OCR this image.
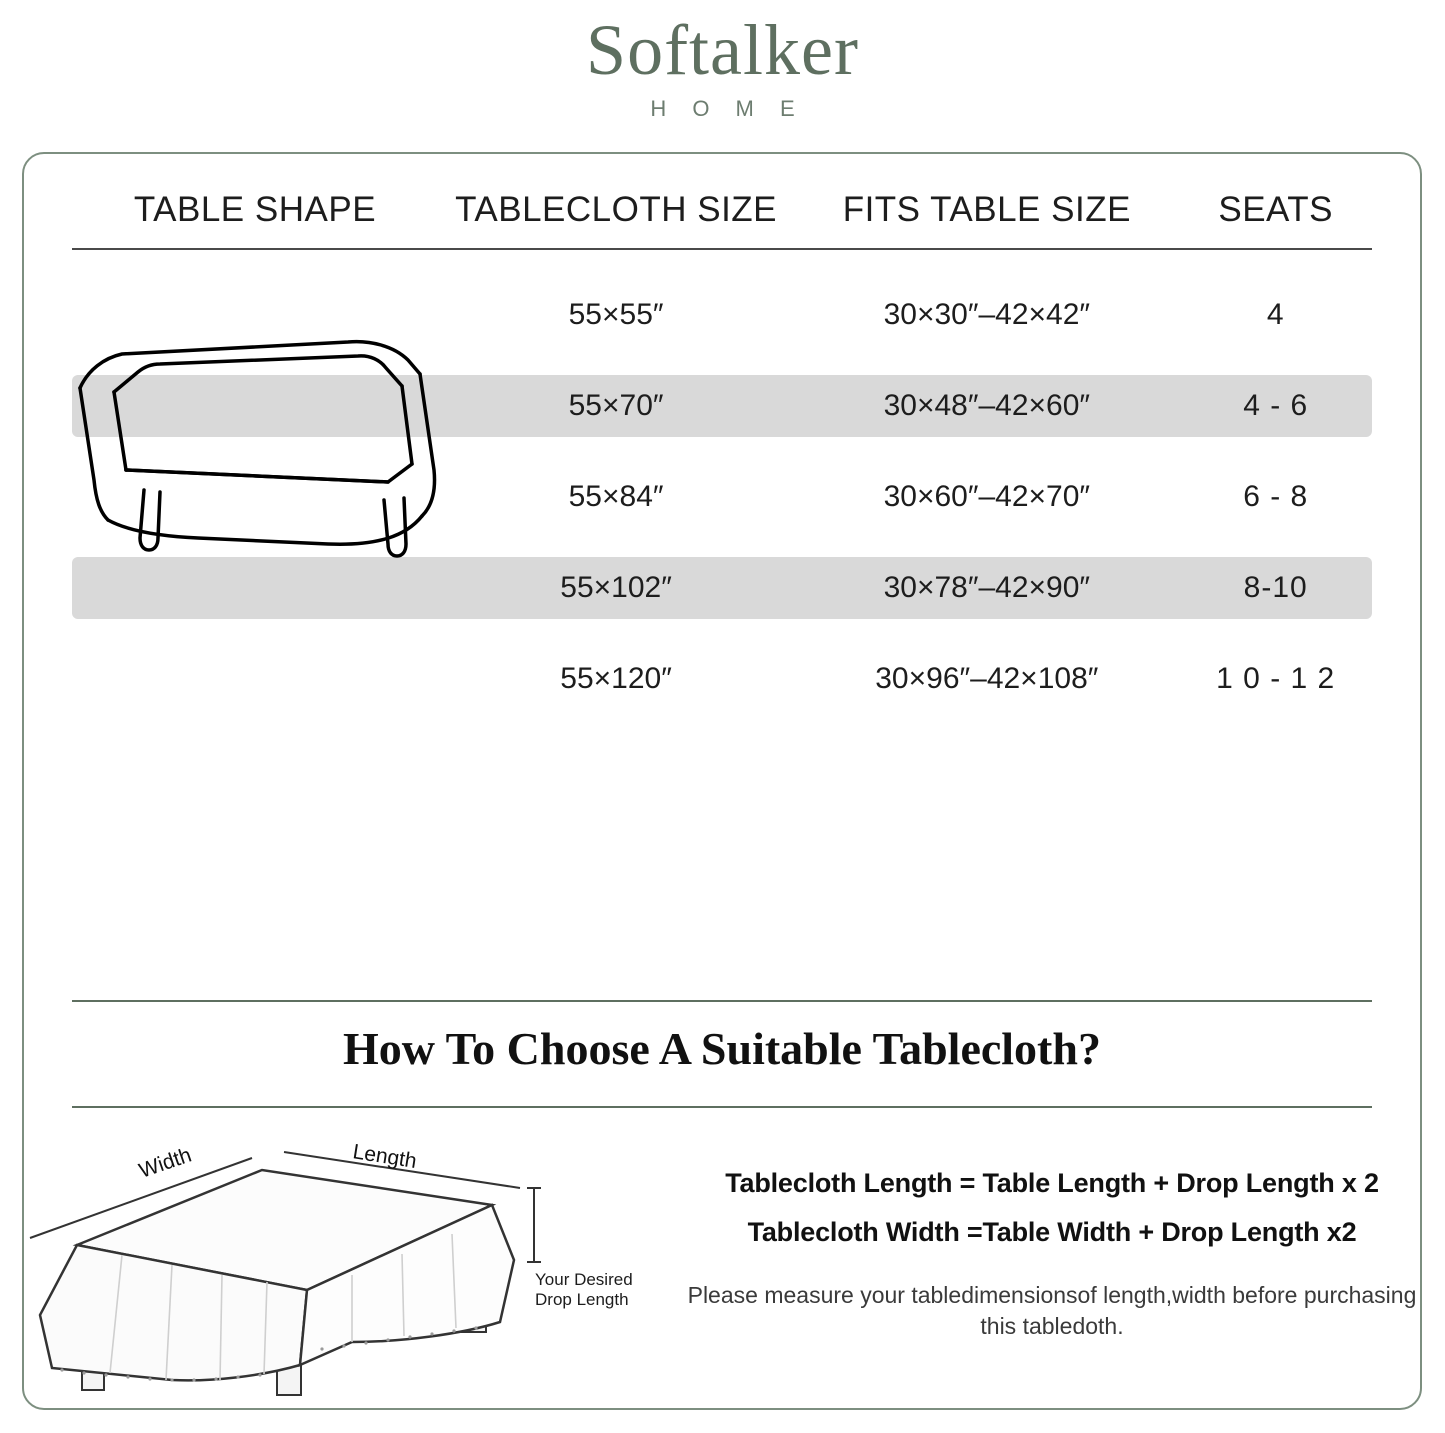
Softalker
H O M E
TABLE SHAPE	TABLECLOTH SIZE	FITS TABLE SIZE	SEATS
55×55″	30×30″–42×42″	4
55×70″	30×48″–42×60″	4 - 6
55×84″	30×60″–42×70″	6 - 8
55×102″	30×78″–42×90″	8-10
55×120″	30×96″–42×108″	1 0 - 1 2
How To Choose A Suitable Tablecloth?
Width	Length
Tablecloth Length = Table Length + Drop Length x 2
Tablecloth Width =Table Width + Drop Length x2
Please measure your tabledimensionsof length,width before purchasing this tabledoth.
Your Desired
Drop Length
